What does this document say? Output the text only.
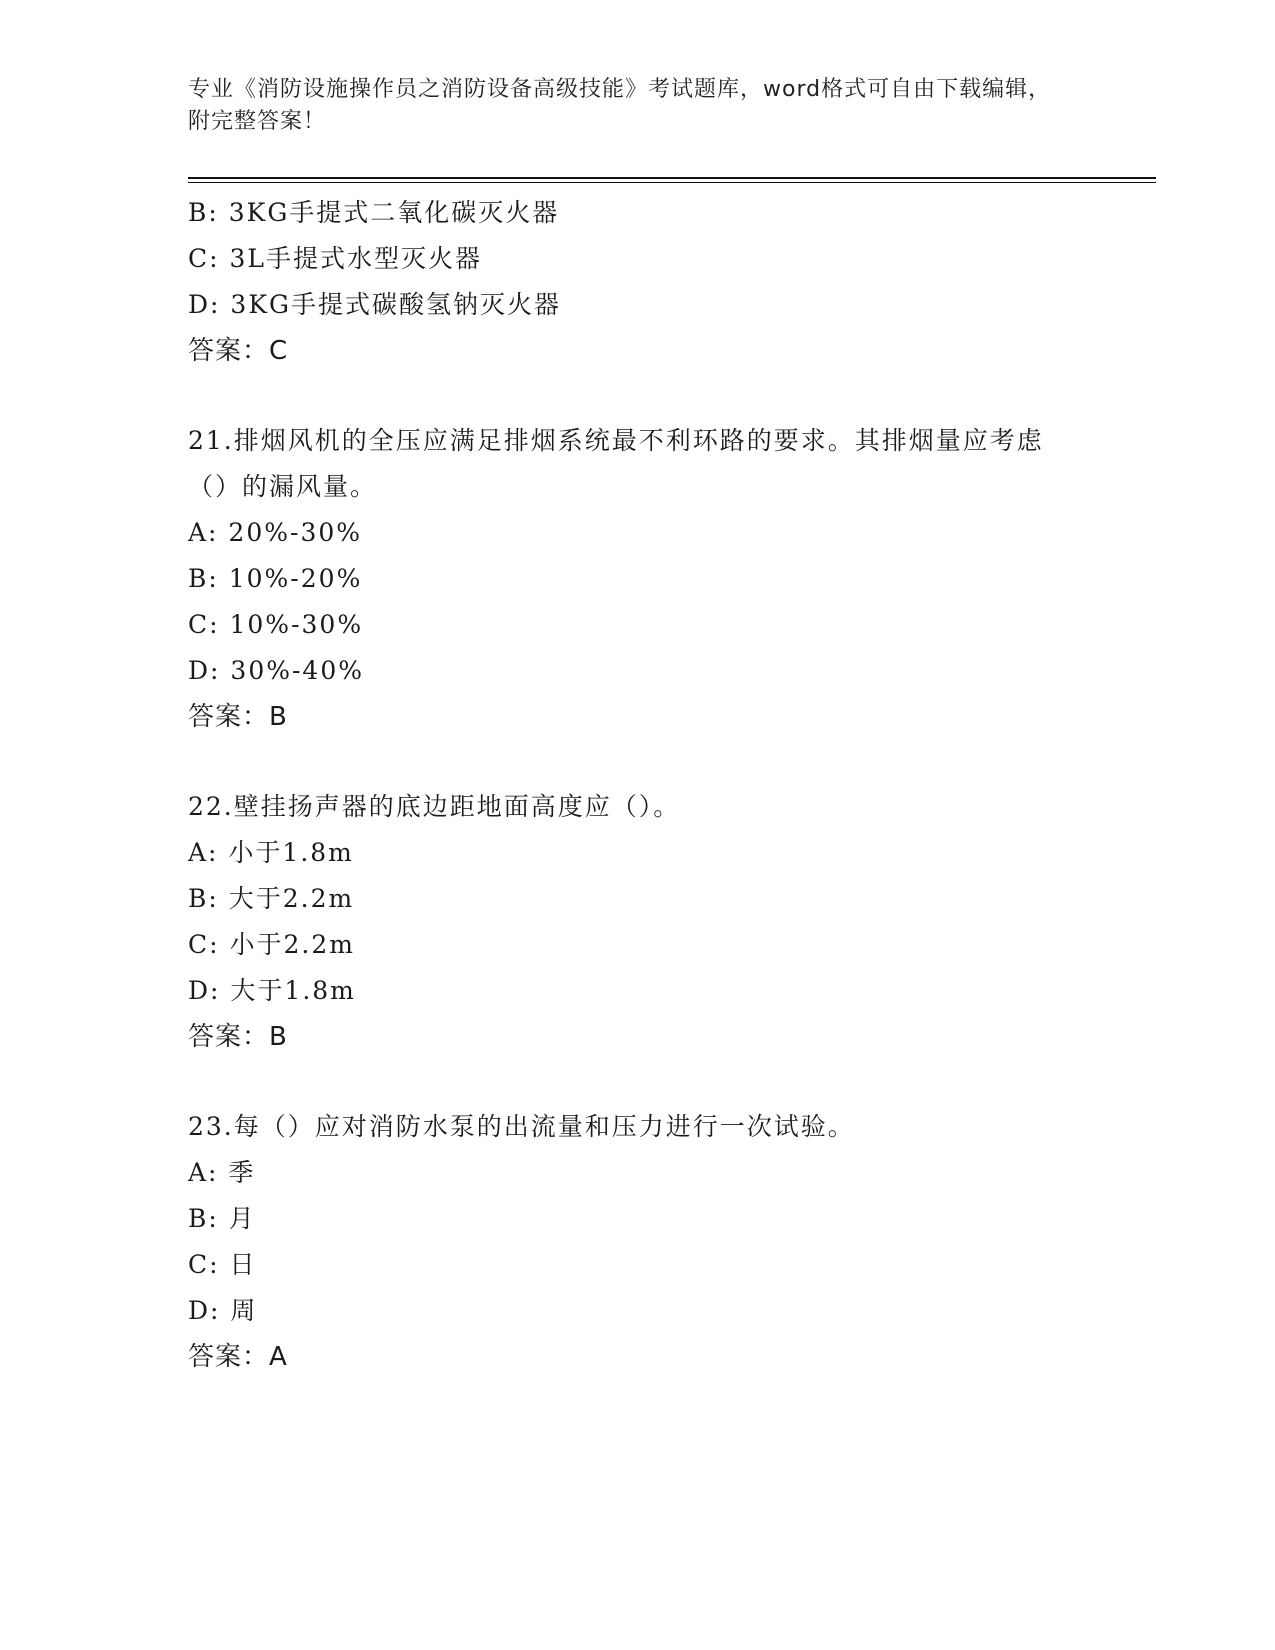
专业《消防设施操作员之消防设备高级技能》考试题库，word格式可自由下载编辑，附完整答案！
B: 3KG手提式二氧化碳灭火器
C: 3L手提式水型灭火器
D: 3KG手提式碳酸氢钠灭火器
答案：C
21.排烟风机的全压应满足排烟系统最不利环路的要求。其排烟量应考虑（）的漏风量。
A: 20%-30%
B: 10%-20%
C: 10%-30%
D: 30%-40%
答案：B
22.壁挂扬声器的底边距地面高度应（）。
A: 小于1.8m
B: 大于2.2m
C: 小于2.2m
D: 大于1.8m
答案：B
23.每（）应对消防水泵的出流量和压力进行一次试验。
A: 季
B: 月
C: 日
D: 周
答案：A
